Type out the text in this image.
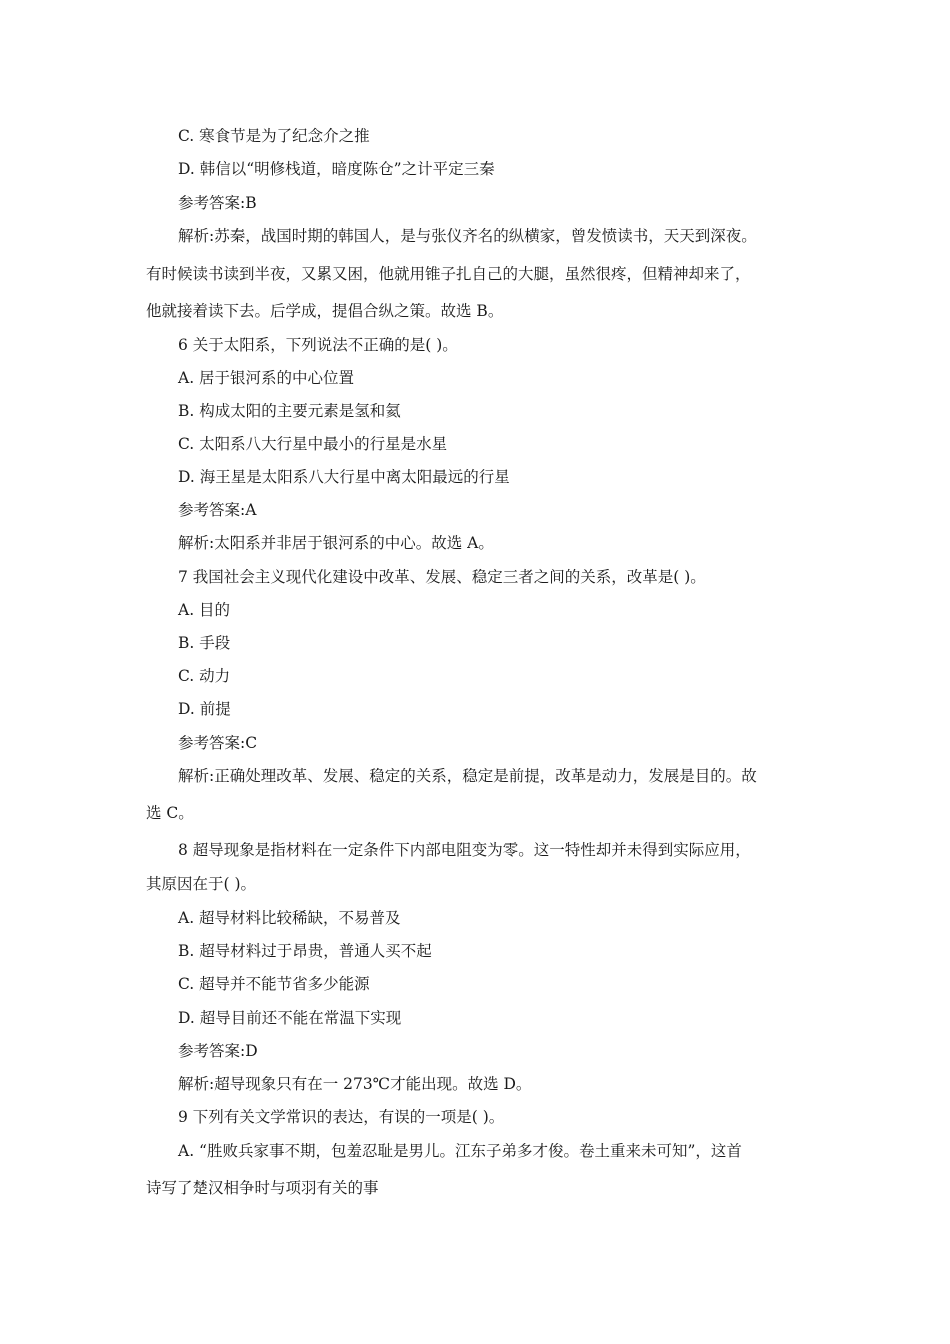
C. 寒食节是为了纪念介之推
D. 韩信以“明修栈道，暗度陈仓”之计平定三秦
参考答案:B
解析:苏秦，战国时期的韩国人，是与张仪齐名的纵横家，曾发愤读书，天天到深夜。
有时候读书读到半夜，又累又困，他就用锥子扎自己的大腿，虽然很疼，但精神却来了，
他就接着读下去。后学成，提倡合纵之策。故选 B。
6 关于太阳系，下列说法不正确的是( )。
A. 居于银河系的中心位置
B. 构成太阳的主要元素是氢和氦
C. 太阳系八大行星中最小的行星是水星
D. 海王星是太阳系八大行星中离太阳最远的行星
参考答案:A
解析:太阳系并非居于银河系的中心。故选 A。
7 我国社会主义现代化建设中改革、发展、稳定三者之间的关系，改革是( )。
A. 目的
B. 手段
C. 动力
D. 前提
参考答案:C
解析:正确处理改革、发展、稳定的关系，稳定是前提，改革是动力，发展是目的。故
选 C。
8 超导现象是指材料在一定条件下内部电阻变为零。这一特性却并未得到实际应用，
其原因在于( )。
A. 超导材料比较稀缺，不易普及
B. 超导材料过于昂贵，普通人买不起
C. 超导并不能节省多少能源
D. 超导目前还不能在常温下实现
参考答案:D
解析:超导现象只有在一 273℃才能出现。故选 D。
9 下列有关文学常识的表达，有误的一项是( )。
A. “胜败兵家事不期，包羞忍耻是男儿。江东子弟多才俊。卷土重来未可知”，这首
诗写了楚汉相争时与项羽有关的事
